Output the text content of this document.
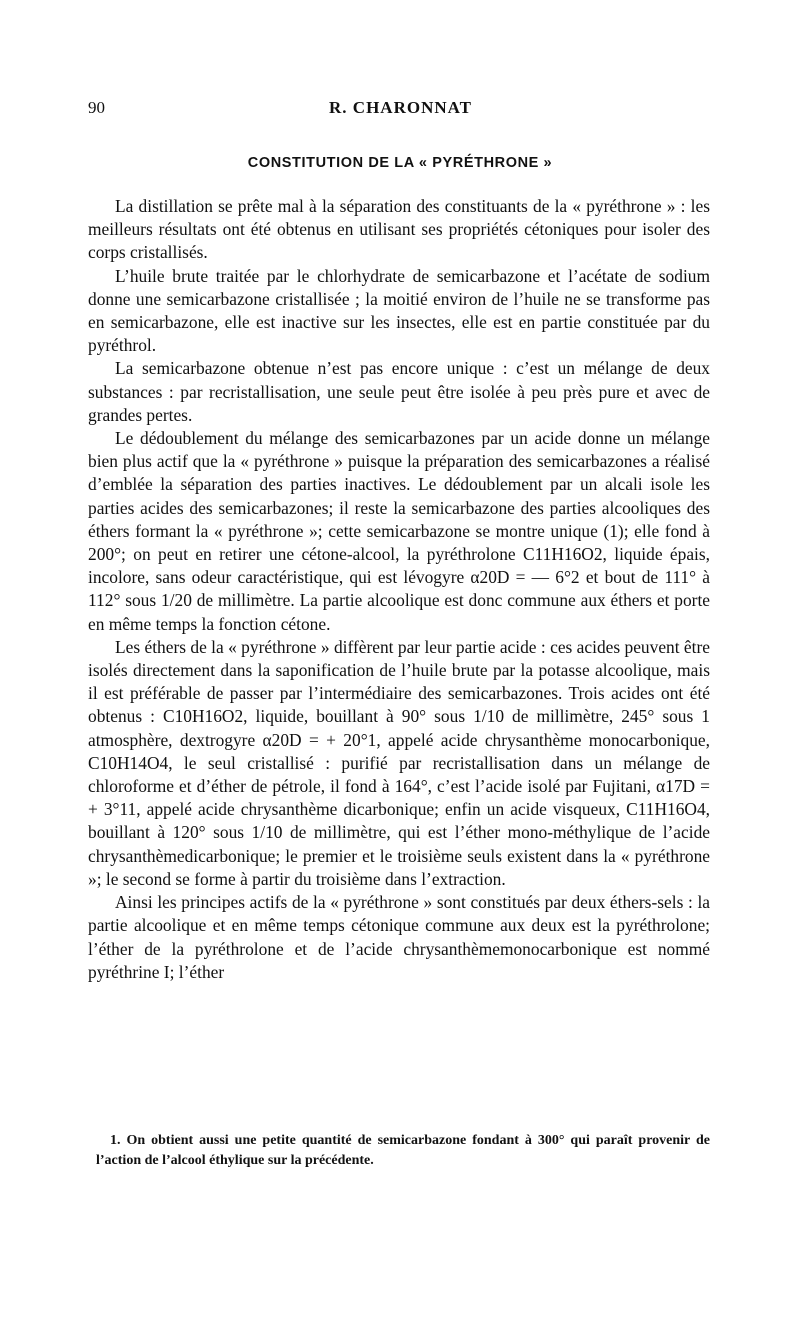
90	R. CHARONNAT
CONSTITUTION DE LA « PYRÉTHRONE »

La distillation se prête mal à la séparation des constituants de la « pyréthrone » : les meilleurs résultats ont été obtenus en utilisant ses propriétés cétoniques pour isoler des corps cristallisés.

L’huile brute traitée par le chlorhydrate de semicarbazone et l’acétate de sodium donne une semicarbazone cristallisée ; la moitié environ de l’huile ne se transforme pas en semicarbazone, elle est inactive sur les insectes, elle est en partie constituée par du pyréthrol.

La semicarbazone obtenue n’est pas encore unique : c’est un mélange de deux substances : par recristallisation, une seule peut être isolée à peu près pure et avec de grandes pertes.

Le dédoublement du mélange des semicarbazones par un acide donne un mélange bien plus actif que la « pyréthrone » puisque la préparation des semicarbazones a réalisé d’emblée la séparation des parties inactives. Le dédoublement par un alcali isole les parties acides des semicarbazones; il reste la semicarbazone des parties alcooliques des éthers formant la « pyréthrone »; cette semicarbazone se montre unique (1); elle fond à 200°; on peut en retirer une cétone-alcool, la pyréthrolone C11H16O2, liquide épais, incolore, sans odeur caractéristique, qui est lévogyre α20D = — 6°2 et bout de 111° à 112° sous 1/20 de millimètre. La partie alcoolique est donc commune aux éthers et porte en même temps la fonction cétone.

Les éthers de la « pyréthrone » diffèrent par leur partie acide : ces acides peuvent être isolés directement dans la saponification de l’huile brute par la potasse alcoolique, mais il est préférable de passer par l’intermédiaire des semicarbazones. Trois acides ont été obtenus : C10H16O2, liquide, bouillant à 90° sous 1/10 de millimètre, 245° sous 1 atmosphère, dextrogyre α20D = + 20°1, appelé acide chrysanthème monocarbonique, C10H14O4, le seul cristallisé : purifié par recristallisation dans un mélange de chloroforme et d’éther de pétrole, il fond à 164°, c’est l’acide isolé par Fujitani, α17D = + 3°11, appelé acide chrysanthème dicarbonique; enfin un acide visqueux, C11H16O4, bouillant à 120° sous 1/10 de millimètre, qui est l’éther mono-méthylique de l’acide chrysanthèmedicarbonique; le premier et le troisième seuls existent dans la « pyréthrone »; le second se forme à partir du troisième dans l’extraction.

Ainsi les principes actifs de la « pyréthrone » sont constitués par deux éthers-sels : la partie alcoolique et en même temps cétonique commune aux deux est la pyréthrolone; l’éther de la pyréthrolone et de l’acide chrysanthèmemonocarbonique est nommé pyréthrine I; l’éther

1. On obtient aussi une petite quantité de semicarbazone fondant à 300° qui paraît provenir de l’action de l’alcool éthylique sur la précédente.
